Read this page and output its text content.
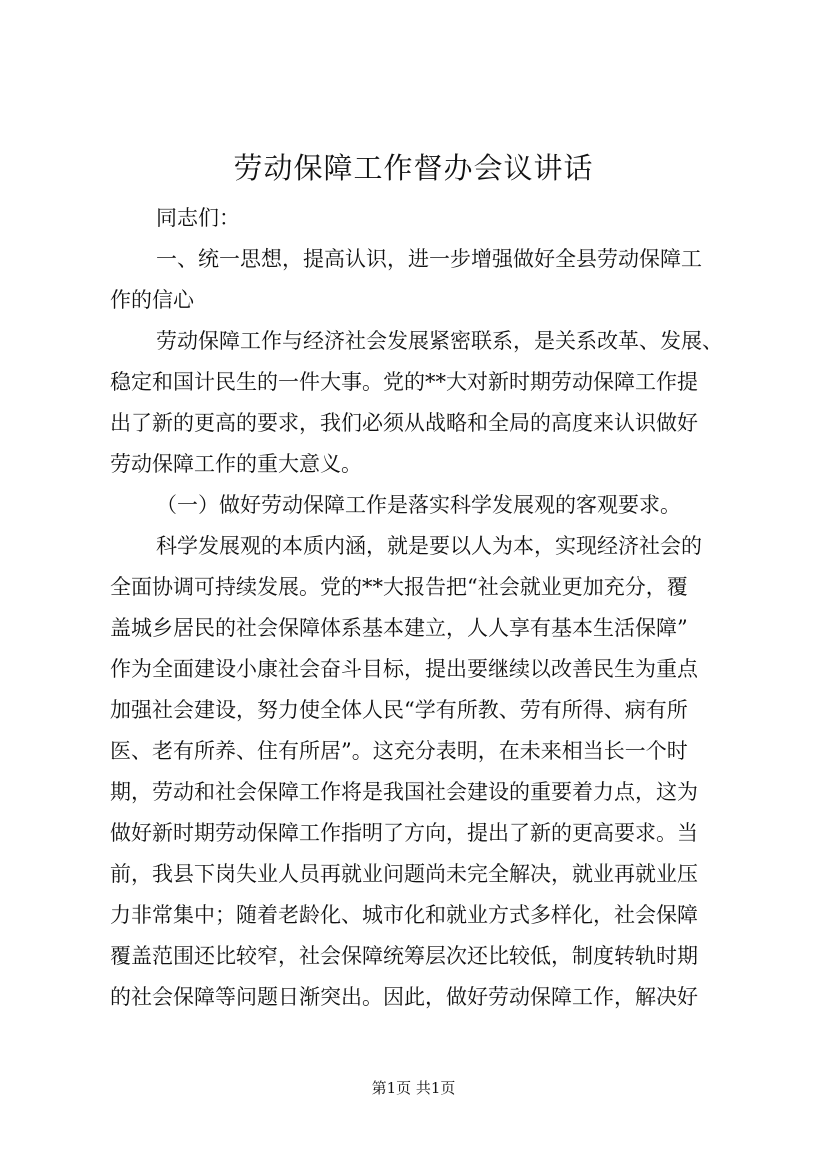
劳动保障工作督办会议讲话
同志们：
一、统一思想，提高认识，进一步增强做好全县劳动保障工
作的信心
劳动保障工作与经济社会发展紧密联系，是关系改革、发展、
稳定和国计民生的一件大事。党的**大对新时期劳动保障工作提
出了新的更高的要求，我们必须从战略和全局的高度来认识做好
劳动保障工作的重大意义。
（一）做好劳动保障工作是落实科学发展观的客观要求。
科学发展观的本质内涵，就是要以人为本，实现经济社会的
全面协调可持续发展。党的**大报告把“社会就业更加充分，覆
盖城乡居民的社会保障体系基本建立，人人享有基本生活保障”
作为全面建设小康社会奋斗目标，提出要继续以改善民生为重点
加强社会建设，努力使全体人民“学有所教、劳有所得、病有所
医、老有所养、住有所居”。这充分表明，在未来相当长一个时
期，劳动和社会保障工作将是我国社会建设的重要着力点，这为
做好新时期劳动保障工作指明了方向，提出了新的更高要求。当
前，我县下岗失业人员再就业问题尚未完全解决，就业再就业压
力非常集中；随着老龄化、城市化和就业方式多样化，社会保障
覆盖范围还比较窄，社会保障统筹层次还比较低，制度转轨时期
的社会保障等问题日渐突出。因此，做好劳动保障工作，解决好
第1页 共1页
